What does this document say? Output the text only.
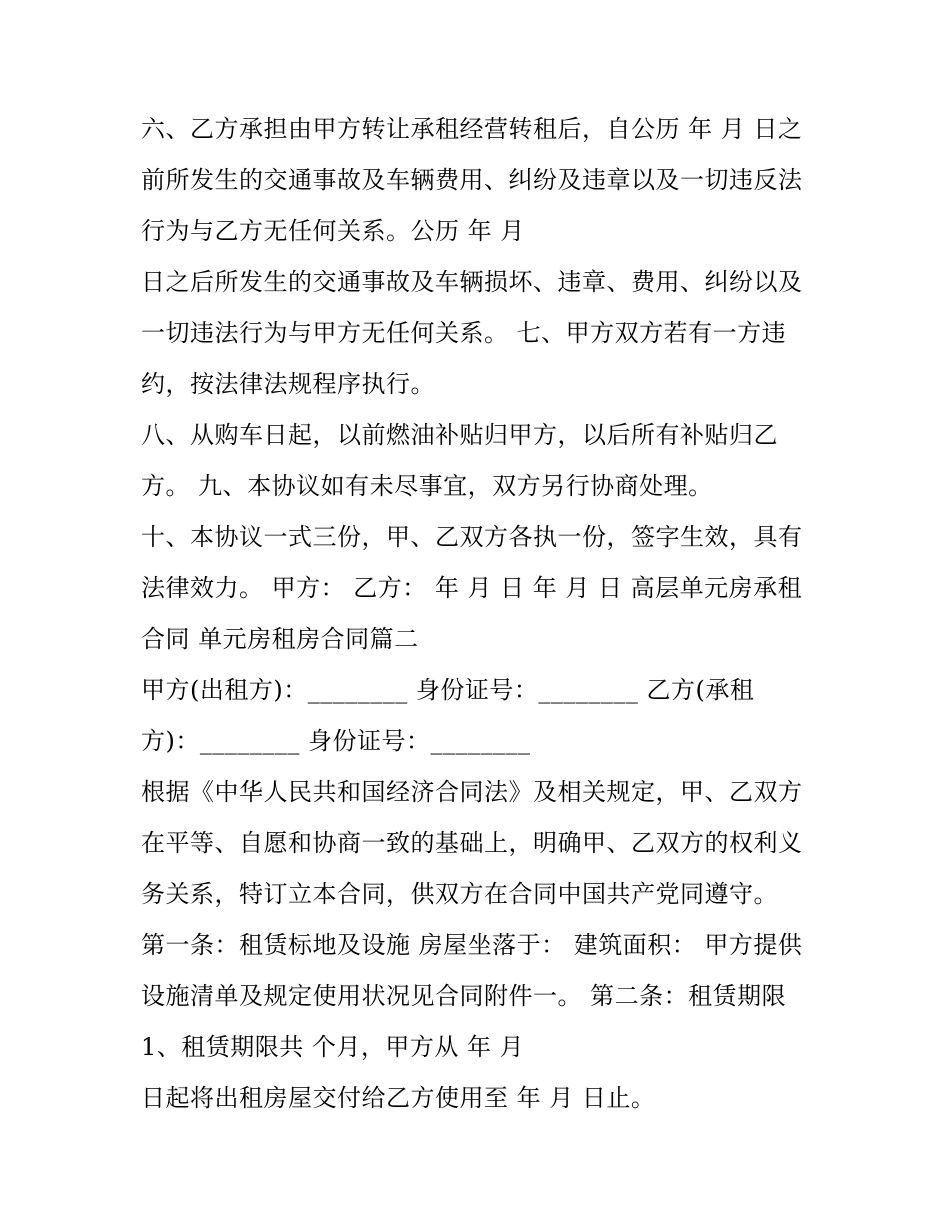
六、乙方承担由甲方转让承租经营转租后，自公历 年 月 日之
前所发生的交通事故及车辆费用、纠纷及违章以及一切违反法
行为与乙方无任何关系。公历 年 月
日之后所发生的交通事故及车辆损坏、违章、费用、纠纷以及
一切违法行为与甲方无任何关系。 七、甲方双方若有一方违
约，按法律法规程序执行。
八、从购车日起，以前燃油补贴归甲方，以后所有补贴归乙
方。 九、本协议如有未尽事宜，双方另行协商处理。
十、本协议一式三份，甲、乙双方各执一份，签字生效，具有
法律效力。 甲方： 乙方： 年 月 日 年 月 日 高层单元房承租
合同 单元房租房合同篇二
甲方(出租方)：________ 身份证号：________ 乙方(承租
方)：________ 身份证号：________
根据《中华人民共和国经济合同法》及相关规定，甲、乙双方
在平等、自愿和协商一致的基础上，明确甲、乙双方的权利义
务关系，特订立本合同，供双方在合同中国共产党同遵守。
第一条：租赁标地及设施 房屋坐落于： 建筑面积： 甲方提供
设施清单及规定使用状况见合同附件一。 第二条：租赁期限
1、租赁期限共 个月，甲方从 年 月
日起将出租房屋交付给乙方使用至 年 月 日止。
